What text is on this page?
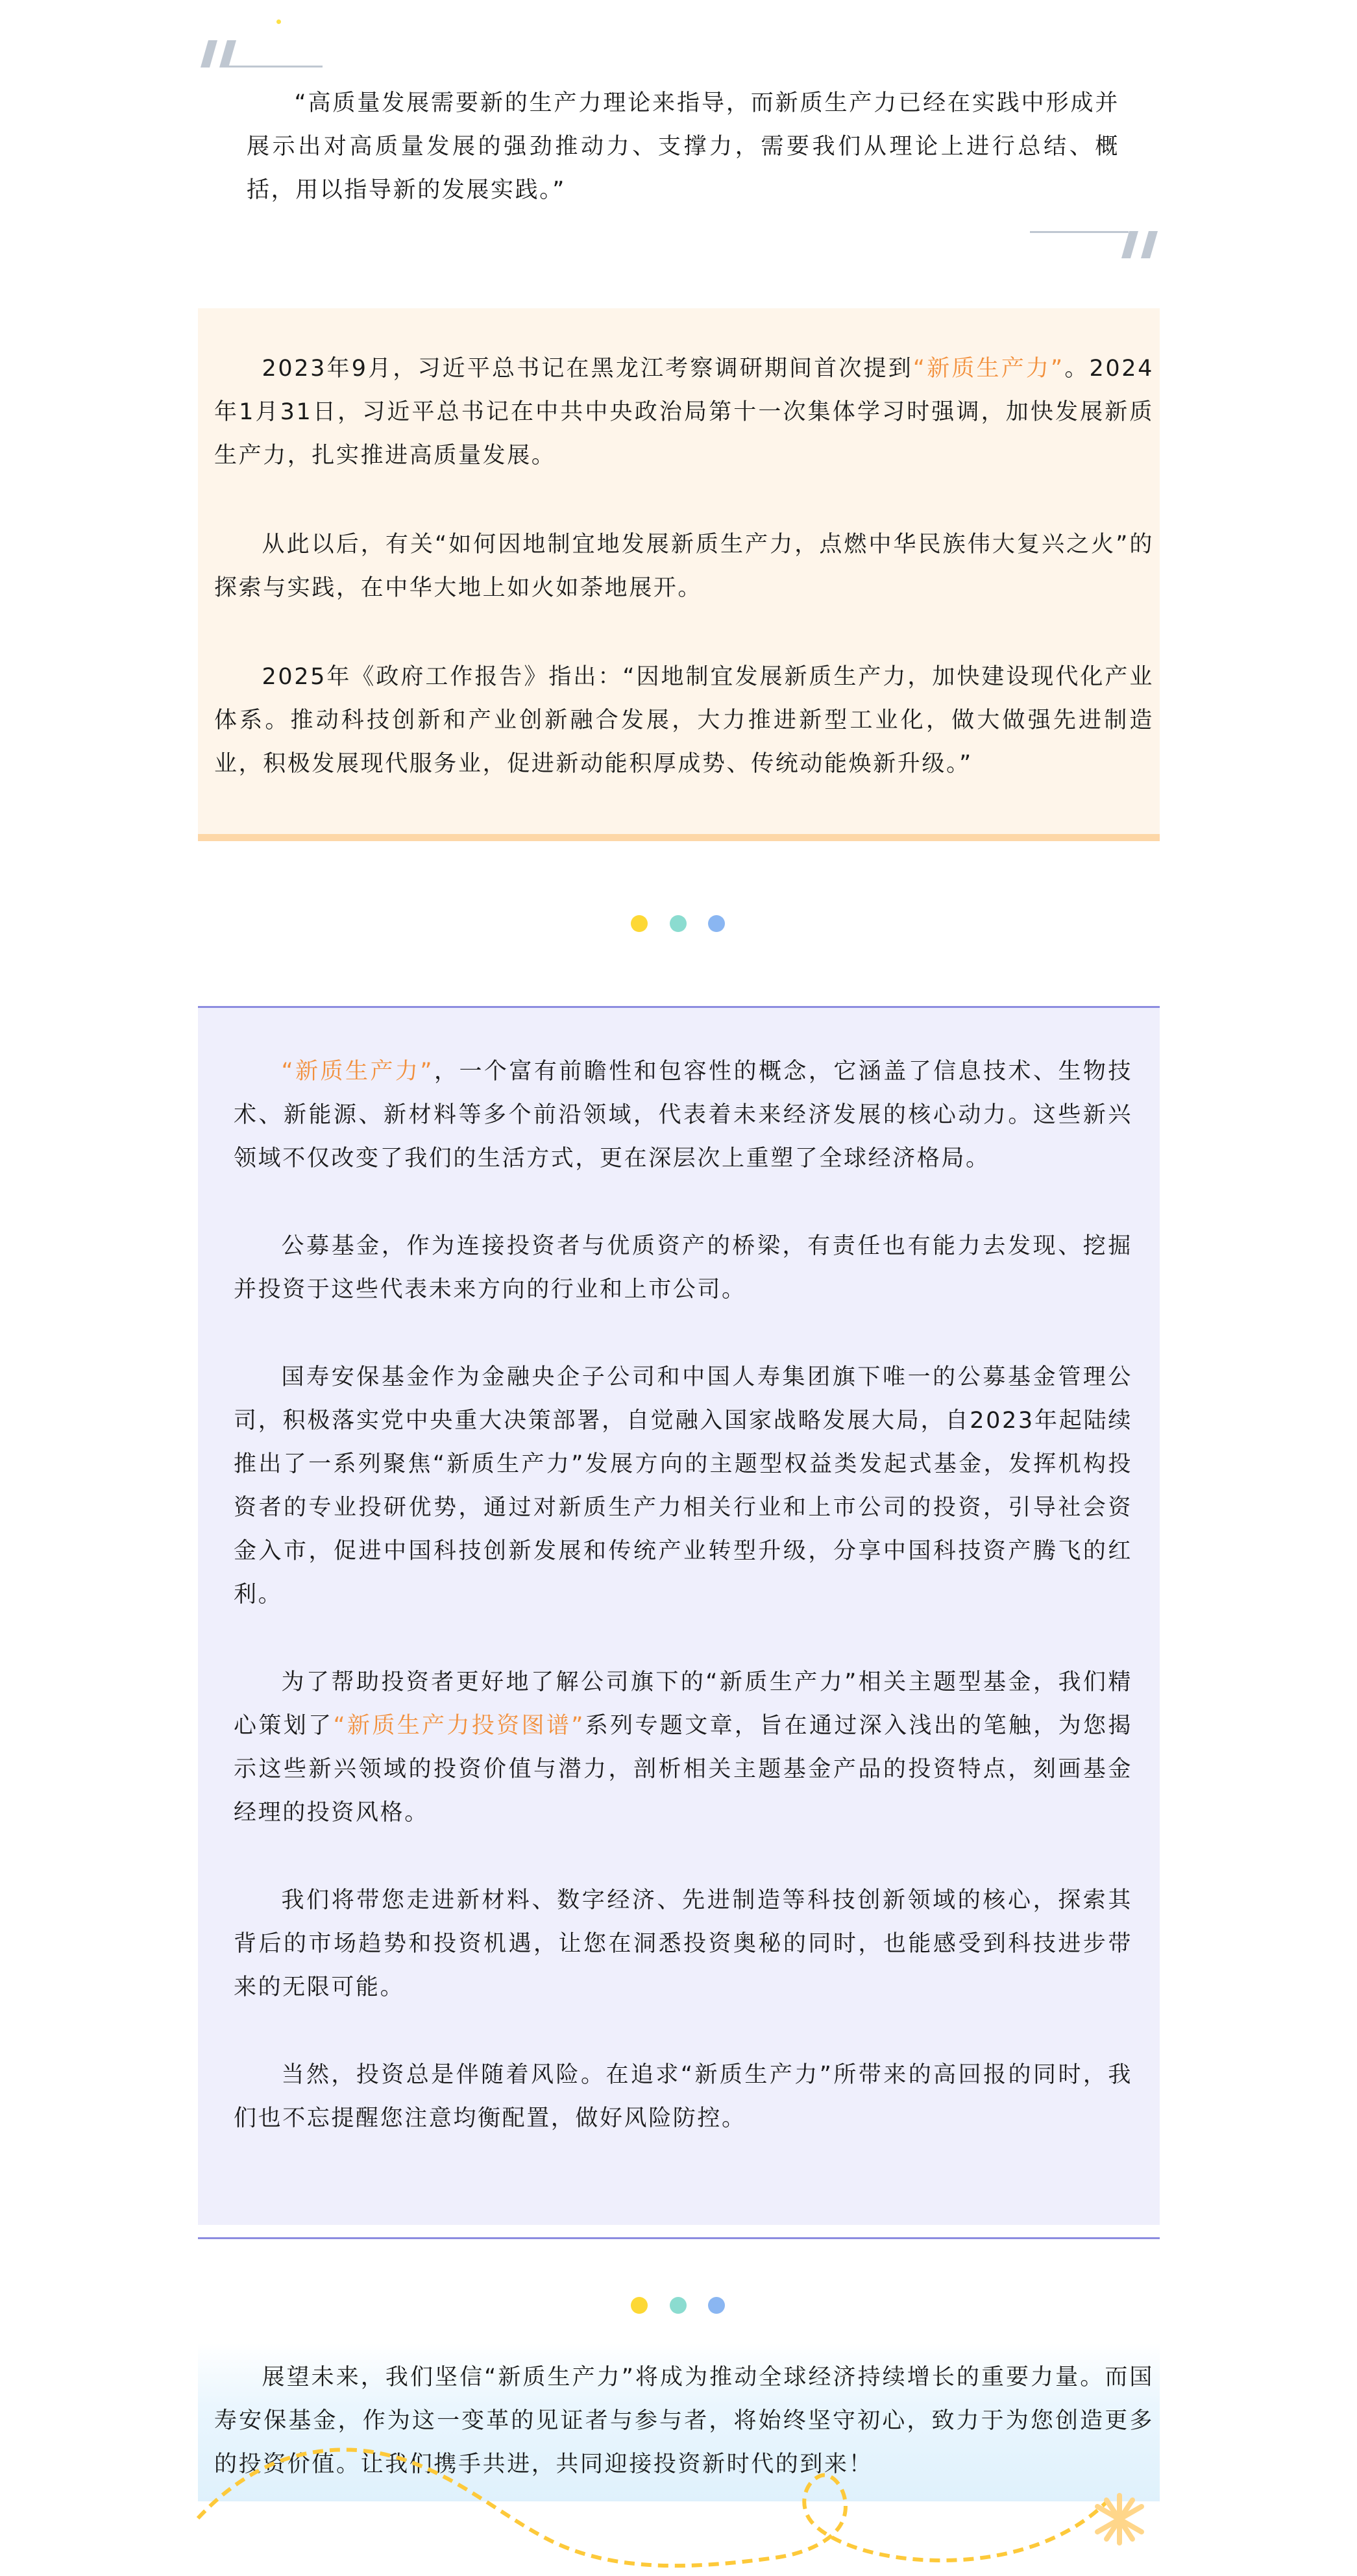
“高质量发展需要新的生产力理论来指导，而新质生产力已经在实践中形成并展示出对高质量发展的强劲推动力、支撑力，需要我们从理论上进行总结、概括，用以指导新的发展实践。”

2023年9月，习近平总书记在黑龙江考察调研期间首次提到“新质生产力”。2024年1月31日，习近平总书记在中共中央政治局第十一次集体学习时强调，加快发展新质生产力，扎实推进高质量发展。

从此以后，有关“如何因地制宜地发展新质生产力，点燃中华民族伟大复兴之火”的探索与实践，在中华大地上如火如荼地展开。

2025年《政府工作报告》指出：“因地制宜发展新质生产力，加快建设现代化产业体系。推动科技创新和产业创新融合发展，大力推进新型工业化，做大做强先进制造业，积极发展现代服务业，促进新动能积厚成势、传统动能焕新升级。”

“新质生产力”，一个富有前瞻性和包容性的概念，它涵盖了信息技术、生物技术、新能源、新材料等多个前沿领域，代表着未来经济发展的核心动力。这些新兴领域不仅改变了我们的生活方式，更在深层次上重塑了全球经济格局。

公募基金，作为连接投资者与优质资产的桥梁，有责任也有能力去发现、挖掘并投资于这些代表未来方向的行业和上市公司。

国寿安保基金作为金融央企子公司和中国人寿集团旗下唯一的公募基金管理公司，积极落实党中央重大决策部署，自觉融入国家战略发展大局，自2023年起陆续推出了一系列聚焦“新质生产力”发展方向的主题型权益类发起式基金，发挥机构投资者的专业投研优势，通过对新质生产力相关行业和上市公司的投资，引导社会资金入市，促进中国科技创新发展和传统产业转型升级，分享中国科技资产腾飞的红利。

为了帮助投资者更好地了解公司旗下的“新质生产力”相关主题型基金，我们精心策划了“新质生产力投资图谱”系列专题文章，旨在通过深入浅出的笔触，为您揭示这些新兴领域的投资价值与潜力，剖析相关主题基金产品的投资特点，刻画基金经理的投资风格。

我们将带您走进新材料、数字经济、先进制造等科技创新领域的核心，探索其背后的市场趋势和投资机遇，让您在洞悉投资奥秘的同时，也能感受到科技进步带来的无限可能。

当然，投资总是伴随着风险。在追求“新质生产力”所带来的高回报的同时，我们也不忘提醒您注意均衡配置，做好风险防控。

展望未来，我们坚信“新质生产力”将成为推动全球经济持续增长的重要力量。而国寿安保基金，作为这一变革的见证者与参与者，将始终坚守初心，致力于为您创造更多的投资价值。让我们携手共进，共同迎接投资新时代的到来！
